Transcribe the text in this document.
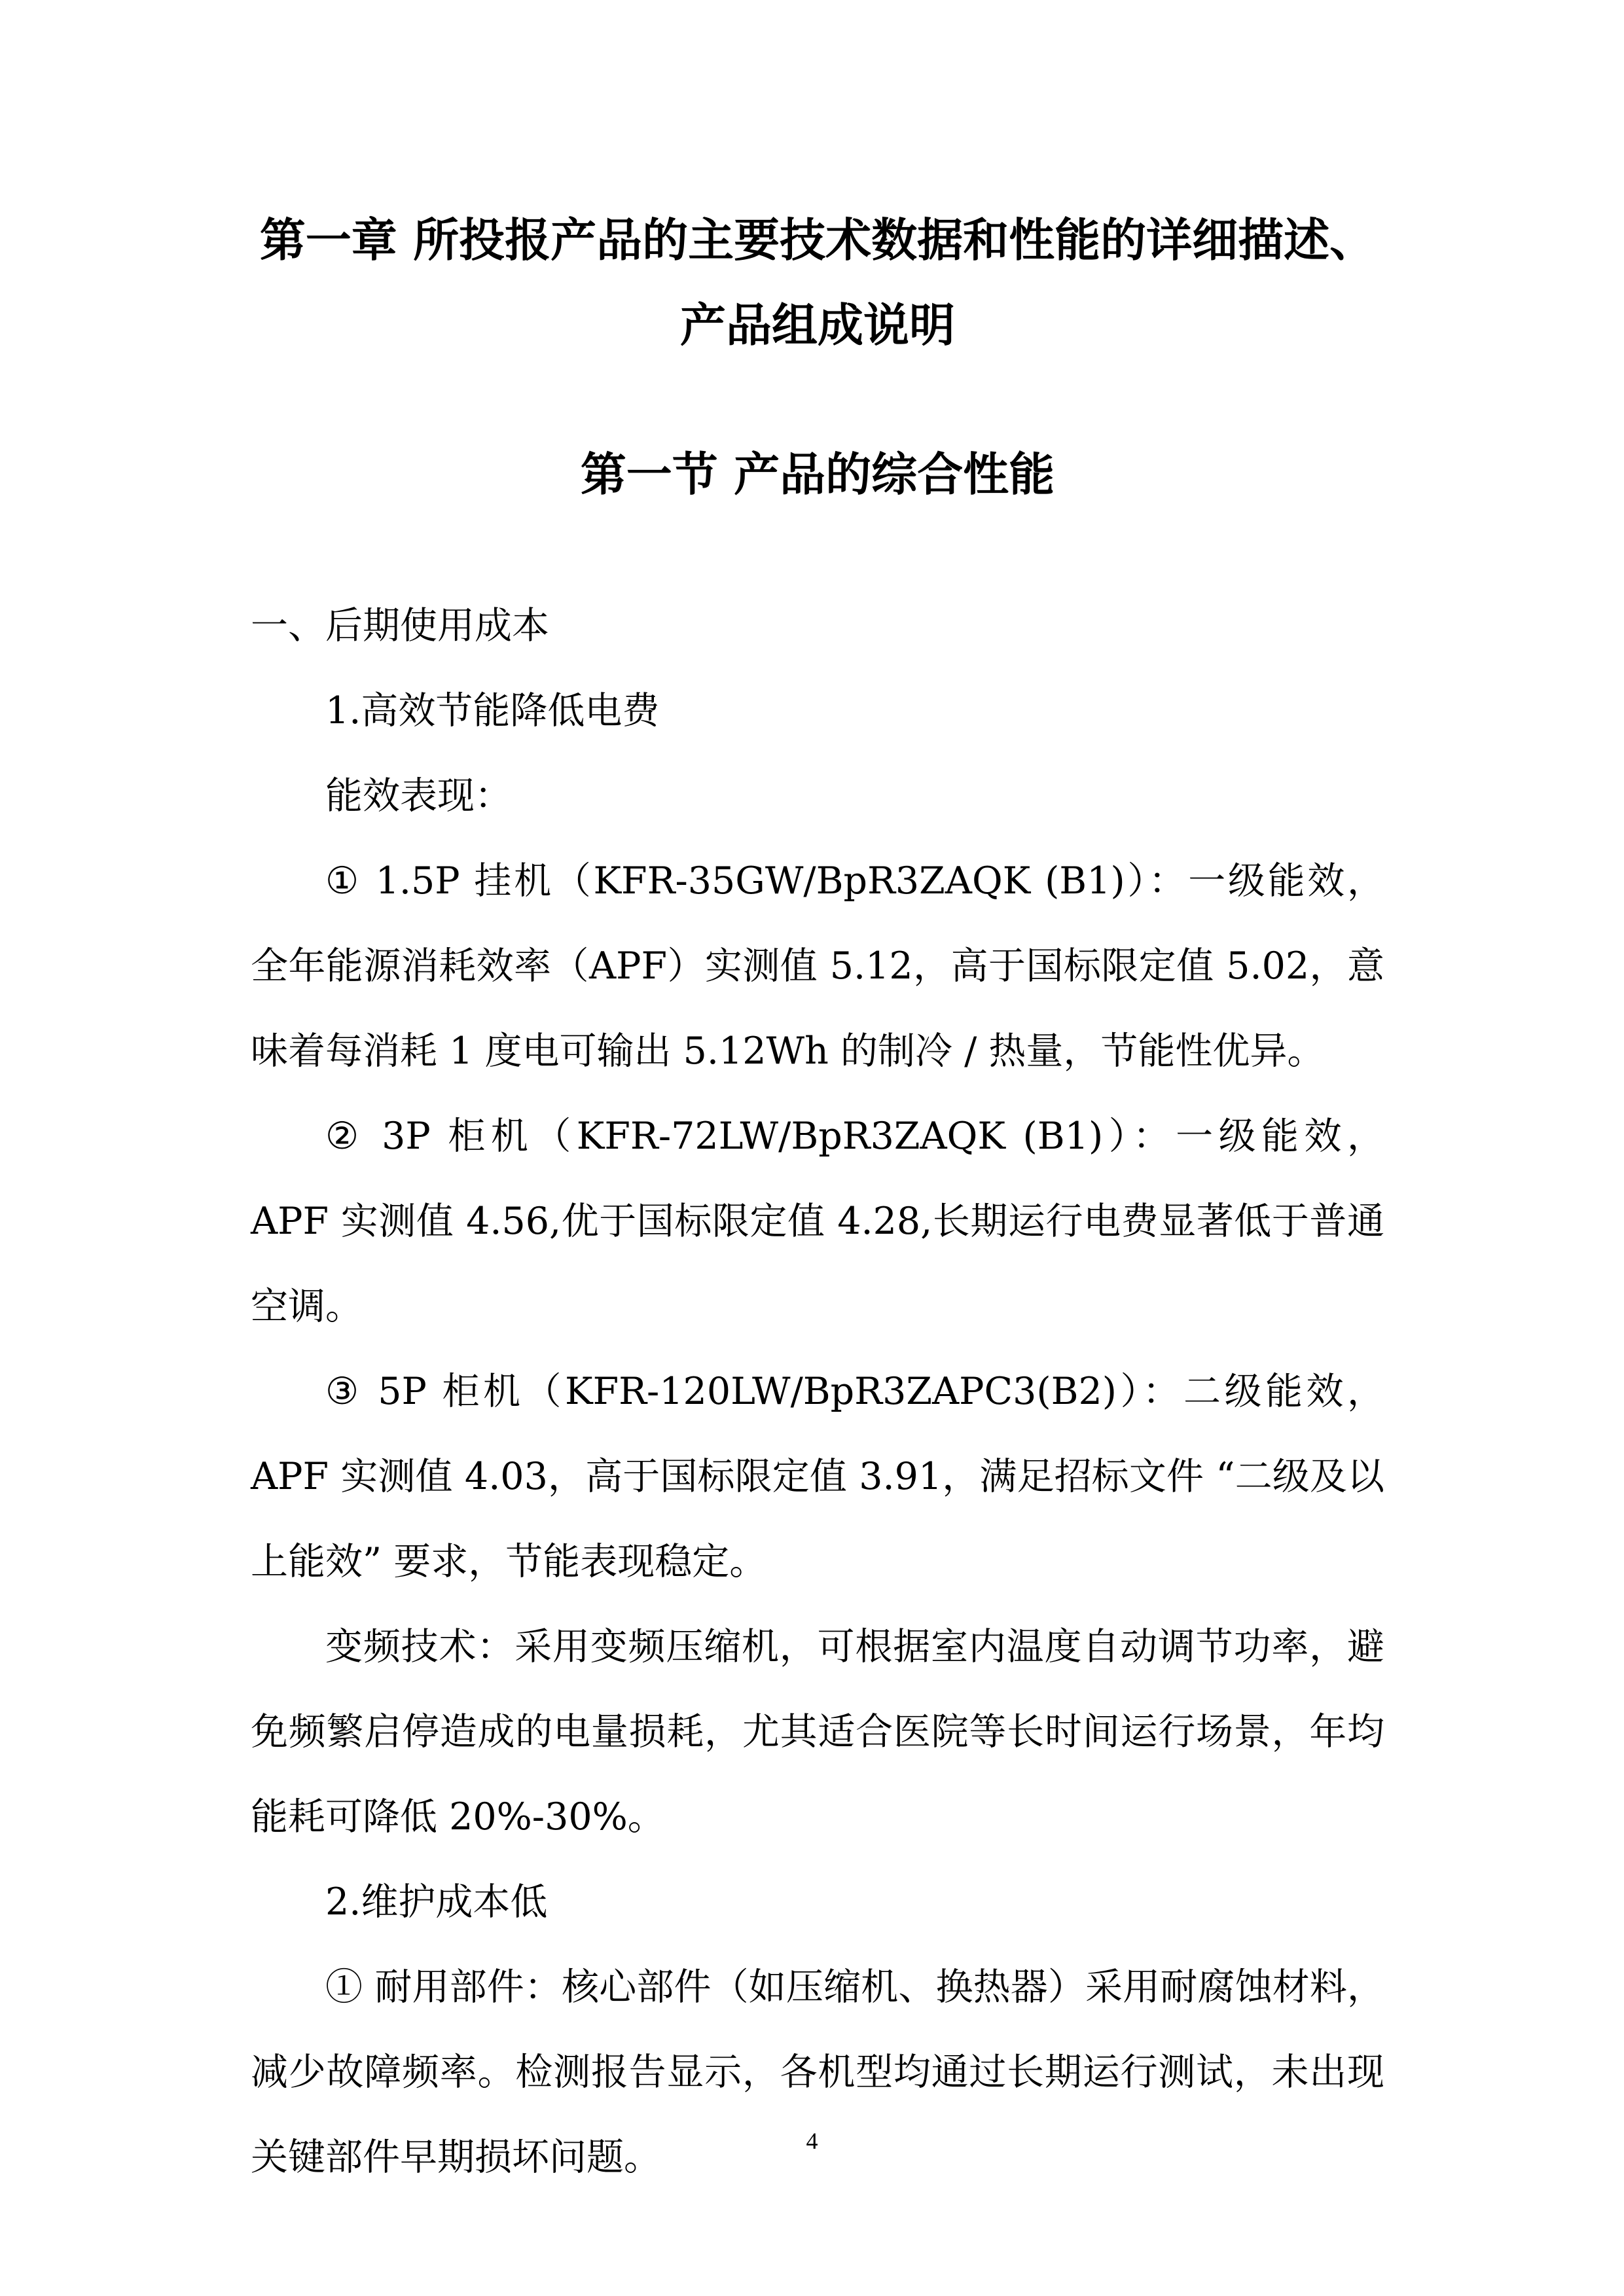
第一章 所投报产品的主要技术数据和性能的详细描述、产品组成说明
第一节 产品的综合性能

一、后期使用成本

1.高效节能降低电费

能效表现：

① 1.5P 挂机（KFR-35GW/BpR3ZAQK (B1)）：一级能效，全年能源消耗效率（APF）实测值 5.12，高于国标限定值 5.02，意味着每消耗 1 度电可输出 5.12Wh 的制冷 / 热量，节能性优异。

② 3P 柜机（KFR-72LW/BpR3ZAQK (B1)）：一级能效，APF 实测值 4.56,优于国标限定值 4.28,长期运行电费显著低于普通空调。

③ 5P 柜机（KFR-120LW/BpR3ZAPC3(B2)）：二级能效，APF 实测值 4.03，高于国标限定值 3.91，满足招标文件 “二级及以上能效” 要求，节能表现稳定。

变频技术：采用变频压缩机，可根据室内温度自动调节功率，避免频繁启停造成的电量损耗，尤其适合医院等长时间运行场景，年均能耗可降低 20%-30%。

2.维护成本低

① 耐用部件：核心部件（如压缩机、换热器）采用耐腐蚀材料，减少故障频率。检测报告显示，各机型均通过长期运行测试，未出现关键部件早期损坏问题。	4
